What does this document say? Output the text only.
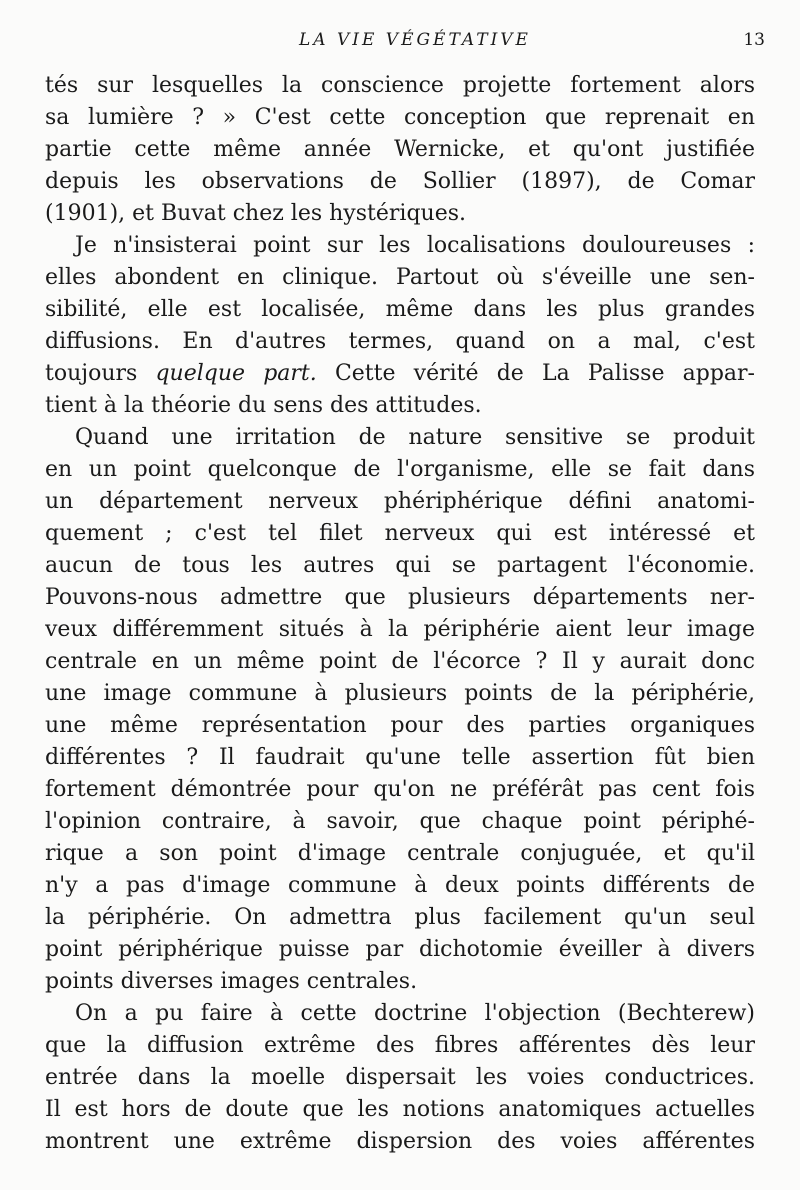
LA VIE VÉGÉTATIVE	13
tés sur lesquelles la conscience projette fortement alors
sa lumière ? » C'est cette conception que reprenait en
partie cette même année Wernicke, et qu'ont justifiée
depuis les observations de Sollier (1897), de Comar
(1901), et Buvat chez les hystériques.
Je n'insisterai point sur les localisations douloureuses :
elles abondent en clinique. Partout où s'éveille une sen-
sibilité, elle est localisée, même dans les plus grandes
diffusions. En d'autres termes, quand on a mal, c'est
toujours quelque part. Cette vérité de La Palisse appar-
tient à la théorie du sens des attitudes.
Quand une irritation de nature sensitive se produit
en un point quelconque de l'organisme, elle se fait dans
un département nerveux phériphérique défini anatomi-
quement ; c'est tel filet nerveux qui est intéressé et
aucun de tous les autres qui se partagent l'économie.
Pouvons-nous admettre que plusieurs départements ner-
veux différemment situés à la périphérie aient leur image
centrale en un même point de l'écorce ? Il y aurait donc
une image commune à plusieurs points de la périphérie,
une même représentation pour des parties organiques
différentes ? Il faudrait qu'une telle assertion fût bien
fortement démontrée pour qu'on ne préférât pas cent fois
l'opinion contraire, à savoir, que chaque point périphé-
rique a son point d'image centrale conjuguée, et qu'il
n'y a pas d'image commune à deux points différents de
la périphérie. On admettra plus facilement qu'un seul
point périphérique puisse par dichotomie éveiller à divers
points diverses images centrales.
On a pu faire à cette doctrine l'objection (Bechterew)
que la diffusion extrême des fibres afférentes dès leur
entrée dans la moelle dispersait les voies conductrices.
Il est hors de doute que les notions anatomiques actuelles
montrent une extrême dispersion des voies afférentes
